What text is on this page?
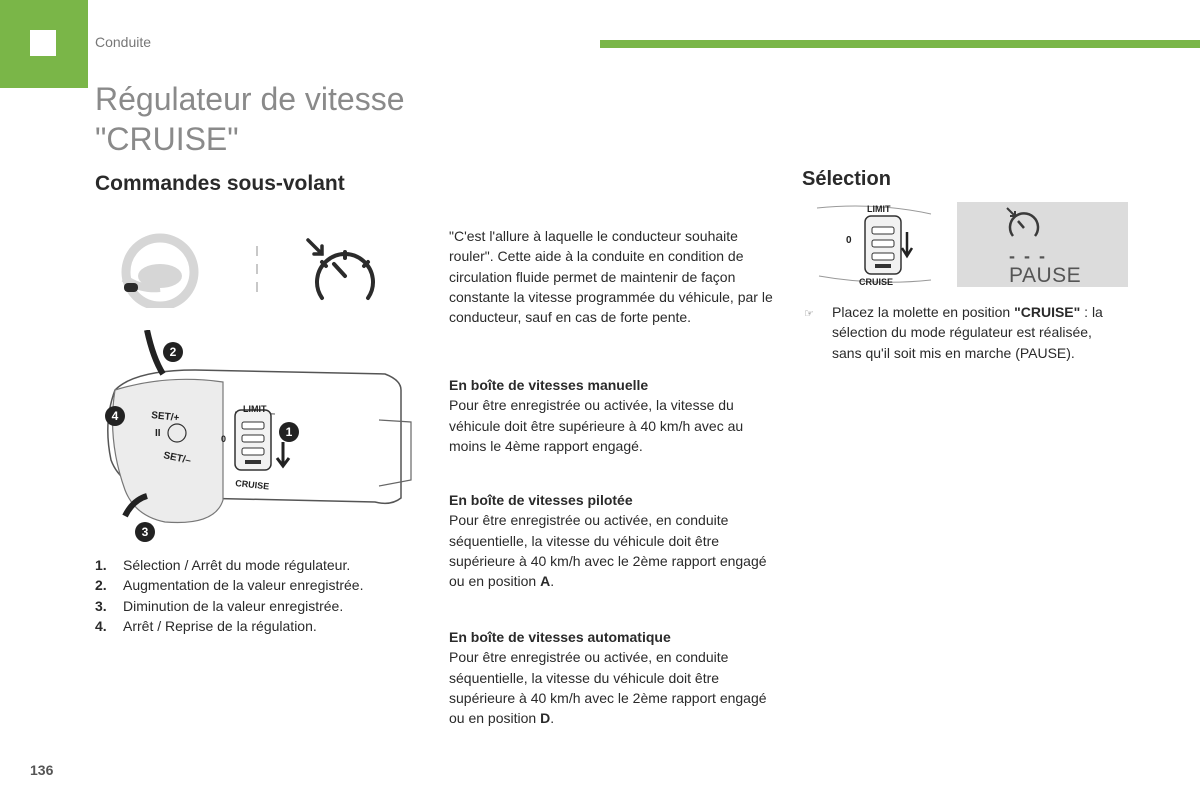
Conduite
Régulateur de vitesse
"CRUISE"
Commandes sous-volant
SET/+
SET/–
II
LIMIT
0
CRUISE
1
2
3
4
1.	Sélection / Arrêt du mode régulateur.
2.	Augmentation de la valeur enregistrée.
3.	Diminution de la valeur enregistrée.
4.	Arrêt / Reprise de la régulation.
"C'est l'allure à laquelle le conducteur souhaite rouler". Cette aide à la conduite en condition de circulation fluide permet de maintenir de façon constante la vitesse programmée du véhicule, par le conducteur, sauf en cas de forte pente.
En boîte de vitesses manuelle
Pour être enregistrée ou activée, la vitesse du véhicule doit être supérieure à 40 km/h avec au moins le 4ème rapport engagé.
En boîte de vitesses pilotée
Pour être enregistrée ou activée, en conduite séquentielle, la vitesse du véhicule doit être supérieure à 40 km/h avec le 2ème rapport engagé ou en position A.
En boîte de vitesses automatique
Pour être enregistrée ou activée, en conduite séquentielle, la vitesse du véhicule doit être supérieure à 40 km/h avec le 2ème rapport engagé ou en position D.
Sélection
LIMIT
0
CRUISE
- - -
PAUSE
☞	Placez la molette en position "CRUISE" : la sélection du mode régulateur est réalisée, sans qu'il soit mis en marche (PAUSE).
136
